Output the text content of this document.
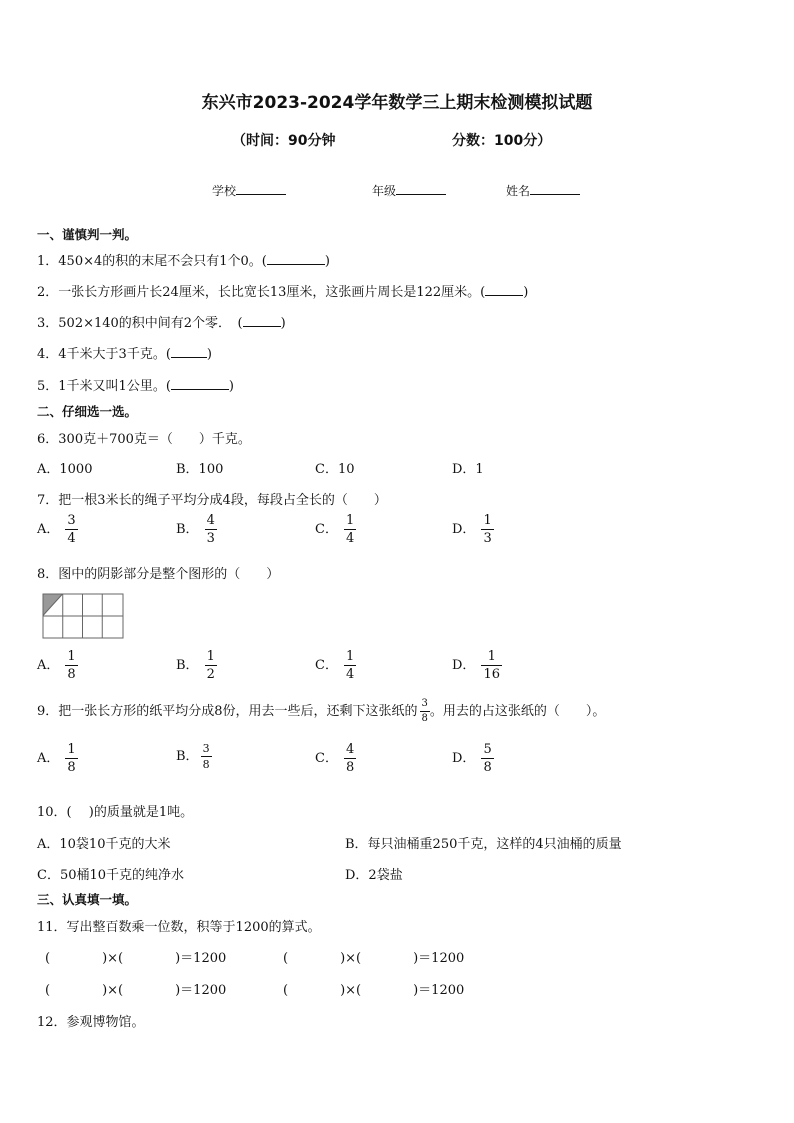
东兴市2023-2024学年数学三上期末检测模拟试题
（时间：90分钟	分数：100分）
学校	年级	姓名
一、谨慎判一判。
1．450×4的积的末尾不会只有1个0。(	)
2．一张长方形画片长24厘米，长比宽长13厘米，这张画片周长是122厘米。(	)
3．502×140的积中间有2个零．　(	)
4．4千米大于3千克。(	)
5．1千米又叫1公里。(	)
二、仔细选一选。
6．300克＋700克＝（　　）千克。
A．1000	B．100	C．10	D．1
7．把一根3米长的绳子平均分成4段，每段占全长的（　　）
A． $\frac{3}{4}$	B． $\frac{4}{3}$	C． $\frac{1}{4}$	D． $\frac{1}{3}$
8．图中的阴影部分是整个图形的（　　）
A． $\frac{1}{8}$	B． $\frac{1}{2}$	C． $\frac{1}{4}$	D． $\frac{1}{16}$
9．把一张长方形的纸平均分成8份，用去一些后，还剩下这张纸的 $\frac{3}{8}$ 。用去的占这张纸的（　　）。
A． $\frac{1}{8}$	B． $\frac{3}{8}$	C． $\frac{4}{8}$	D． $\frac{5}{8}$
10．(　 )的质量就是1吨。
A．10袋10千克的大米	B．每只油桶重250千克，这样的4只油桶的质量
C．50桶10千克的纯净水	D．2袋盐
三、认真填一填。
11．写出整百数乘一位数，积等于1200的算式。
(　　　　)×(　　　　)＝1200	(　　　　)×(　　　　)＝1200
(　　　　)×(　　　　)＝1200	(　　　　)×(　　　　)＝1200
12．参观博物馆。
